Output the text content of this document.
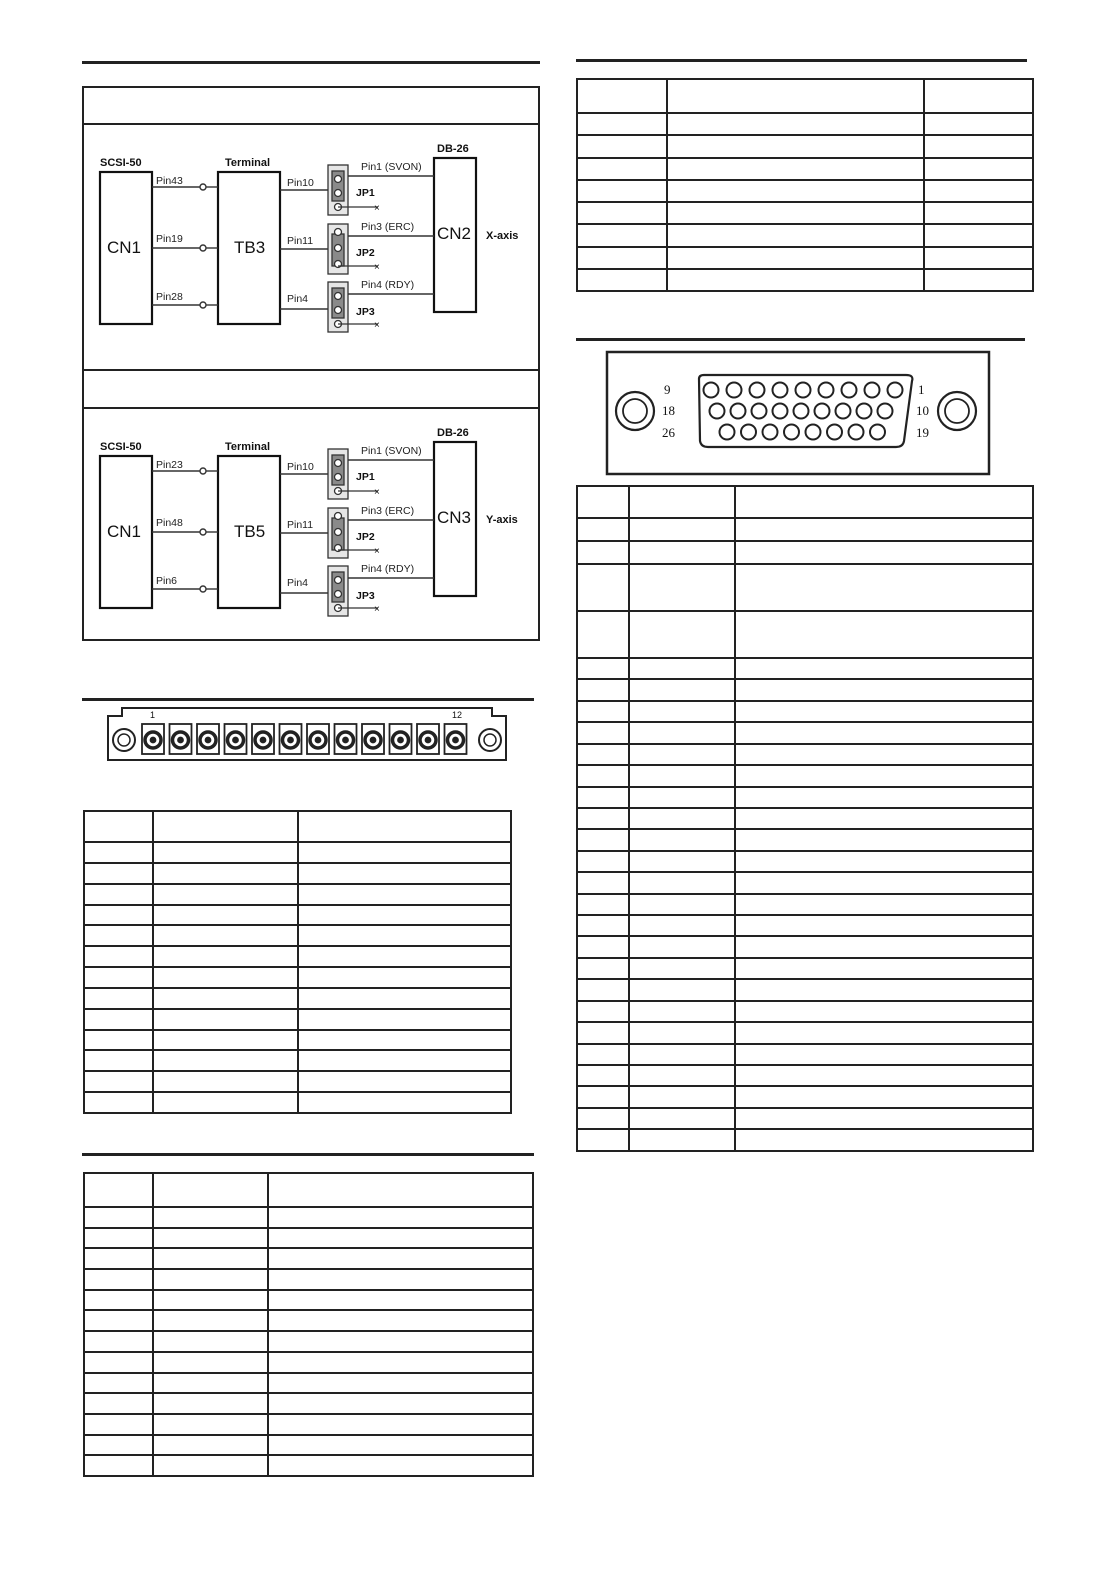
×
×
×
SCSI-50	Terminal
DB-26
CN1	TB3
CN2 X-axis
Pin43
Pin19
Pin28
Pin10
Pin11
Pin4
Pin1 (SVON)
Pin3 (ERC)
Pin4 (RDY)
JP1
JP2
JP3
×
×
×
SCSI-50	Terminal
DB-26
CN1	TB5
CN3 Y-axis
Pin23
Pin48
Pin6
Pin10
Pin11
Pin4
Pin1 (SVON)
Pin3 (ERC)
Pin4 (RDY)
JP1
JP2
JP3
1	12

9
18
26
1
10
19
